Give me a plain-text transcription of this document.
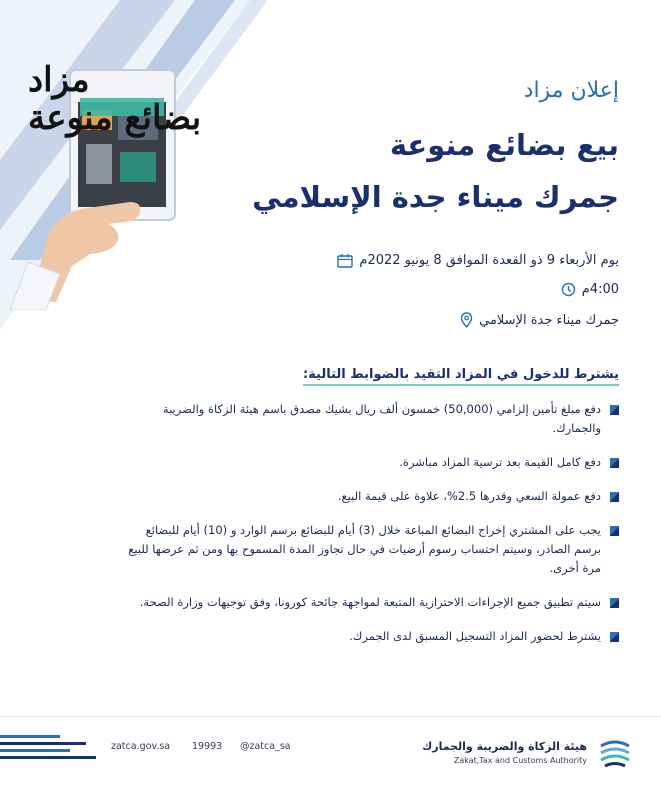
مزاد
بضائع منوعة
إعلان مزاد
بيع بضائع منوعة
جمرك ميناء جدة الإسلامي
يوم الأربعاء 9 ذو القعدة الموافق 8 يونيو 2022م
4:00م
جمرك ميناء جدة الإسلامي
يشترط للدخول في المزاد التقيد بالضوابط التالية:
دفع مبلغ تأمين إلزامي (50,000) خمسون ألف ريال بشيك مصدق باسم هيئة الزكاة والضريبة والجمارك.
دفع كامل القيمة بعد ترسية المزاد مباشرة.
دفع عمولة السعي وقدرها 2.5%، علاوة على قيمة البيع.
يجب على المشتري إخراج البضائع المباعة خلال (3) أيام للبضائع برسم الوارد و (10) أيام للبضائع برسم الصادر، وسيتم احتساب رسوم أرضيات في حال تجاوز المدة المسموح بها ومن ثم عرضها للبيع مرة أخرى.
سيتم تطبيق جميع الإجراءات الاحترازية المتبعة لمواجهة جائحة كورونا، وفق توجيهات وزارة الصحة.
يشترط لحضور المزاد التسجيل المسبق لدى الجمرك.
zatca.gov.sa 19993 @zatca_sa	هيئة الزكاة والضريبة والجمارك
Zakat,Tax and Customs Authority
